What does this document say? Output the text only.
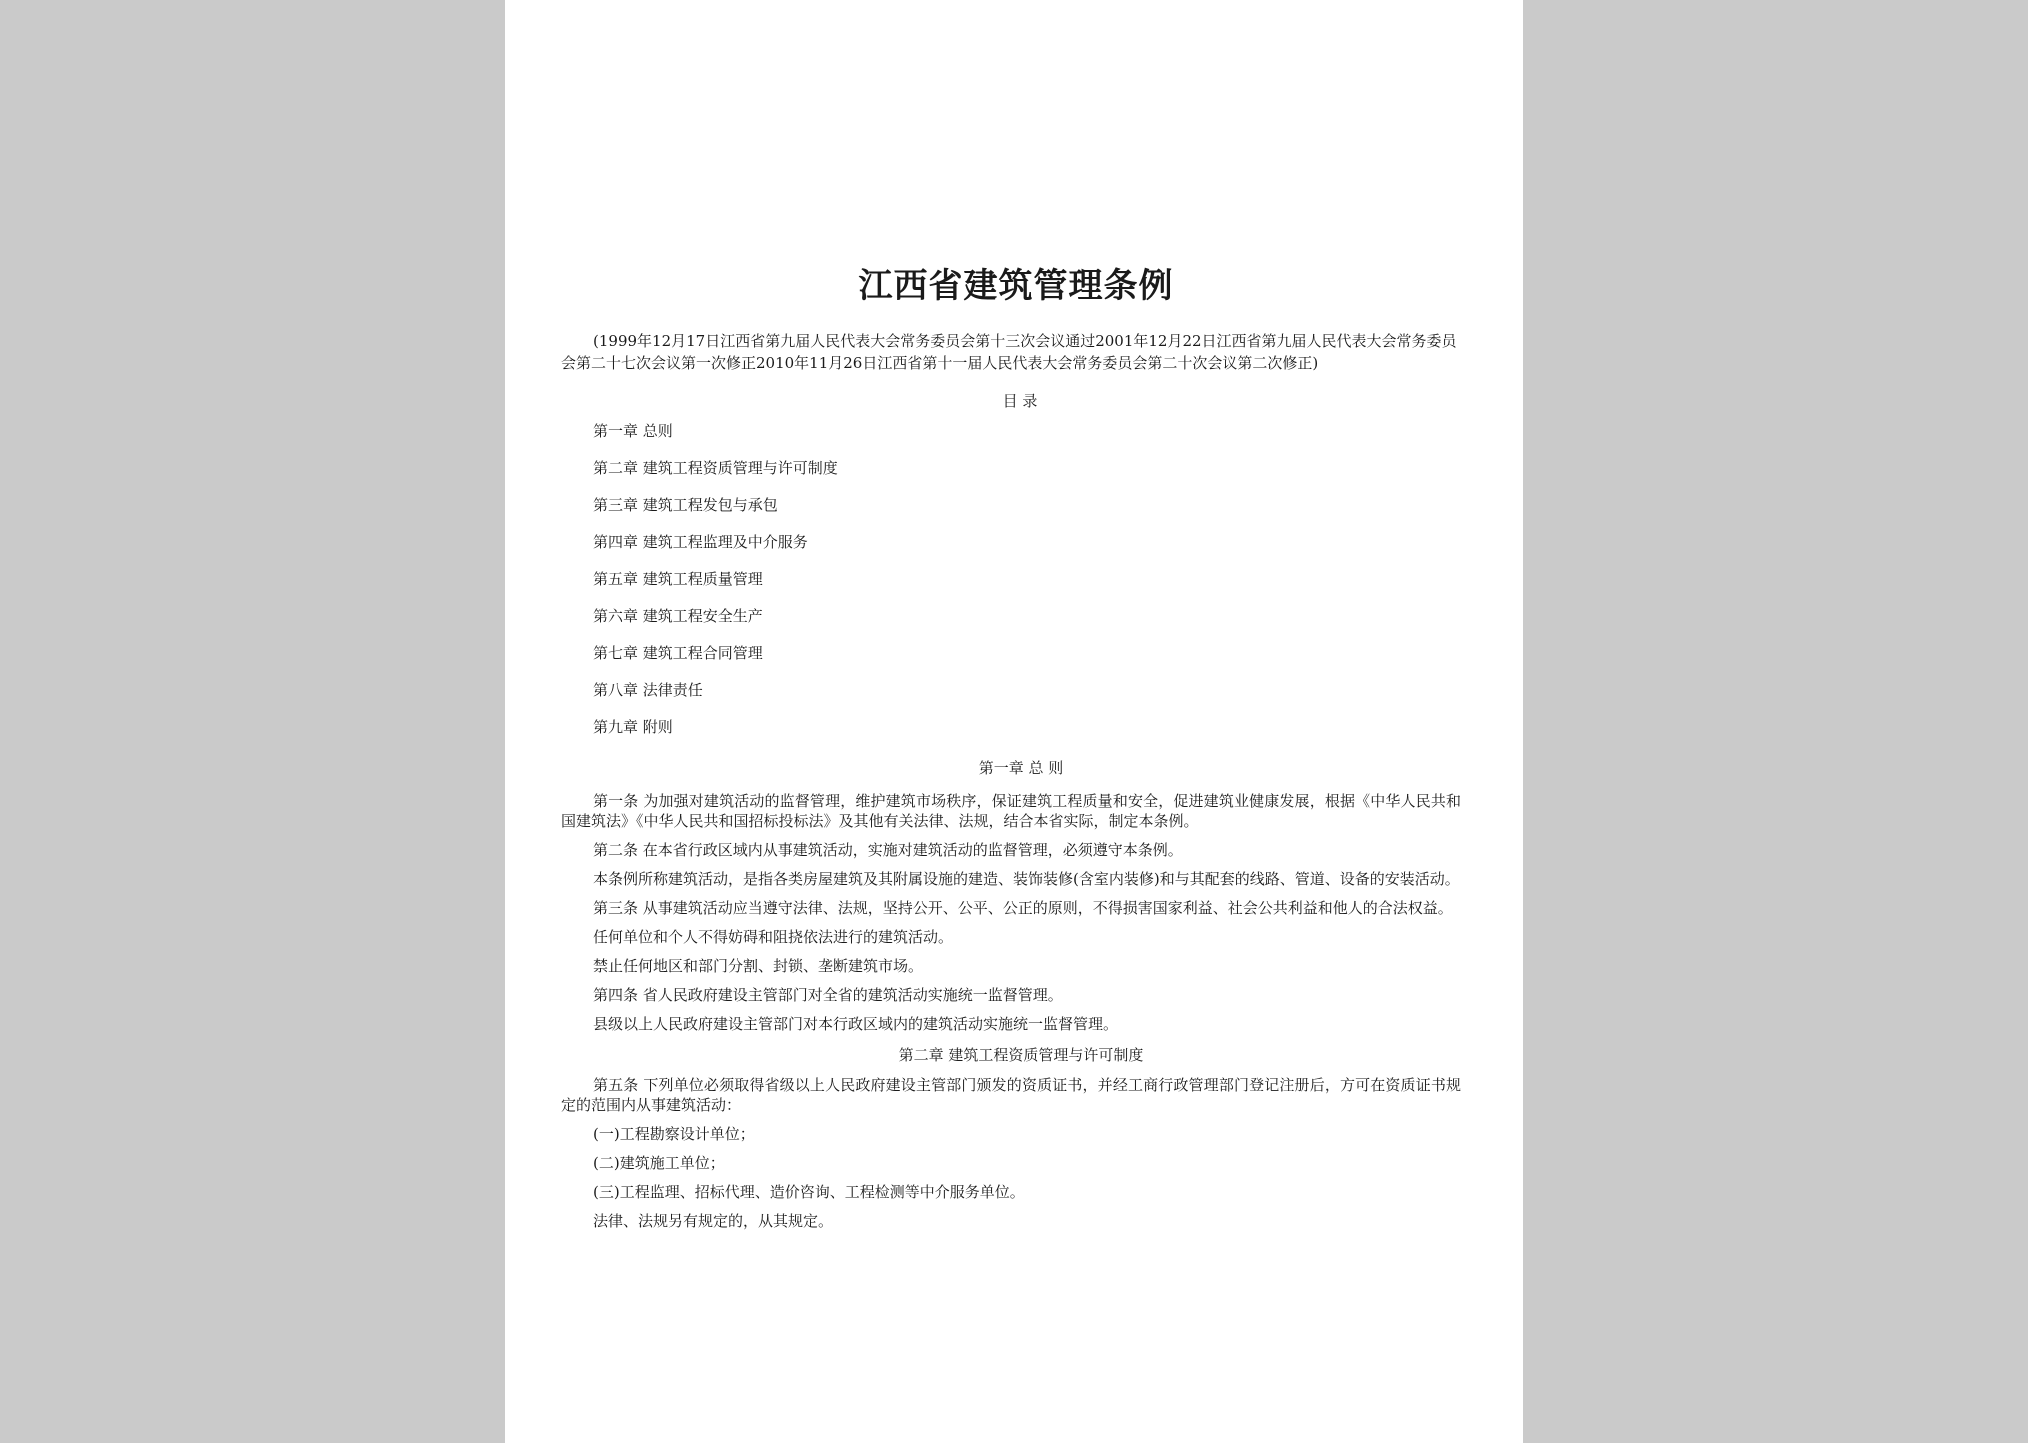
江西省建筑管理条例

(1999年12月17日江西省第九届人民代表大会常务委员会第十三次会议通过2001年12月22日江西省第九届人民代表大会常务委员会第二十七次会议第一次修正2010年11月26日江西省第十一届人民代表大会常务委员会第二十次会议第二次修正)

目 录

第一章 总则
第二章 建筑工程资质管理与许可制度
第三章 建筑工程发包与承包
第四章 建筑工程监理及中介服务
第五章 建筑工程质量管理
第六章 建筑工程安全生产
第七章 建筑工程合同管理
第八章 法律责任
第九章 附则

第一章 总 则

第一条 为加强对建筑活动的监督管理，维护建筑市场秩序，保证建筑工程质量和安全，促进建筑业健康发展，根据《中华人民共和国建筑法》《中华人民共和国招标投标法》及其他有关法律、法规，结合本省实际，制定本条例。

第二条 在本省行政区域内从事建筑活动，实施对建筑活动的监督管理，必须遵守本条例。

本条例所称建筑活动，是指各类房屋建筑及其附属设施的建造、装饰装修(含室内装修)和与其配套的线路、管道、设备的安装活动。

第三条 从事建筑活动应当遵守法律、法规，坚持公开、公平、公正的原则，不得损害国家利益、社会公共利益和他人的合法权益。

任何单位和个人不得妨碍和阻挠依法进行的建筑活动。

禁止任何地区和部门分割、封锁、垄断建筑市场。

第四条 省人民政府建设主管部门对全省的建筑活动实施统一监督管理。

县级以上人民政府建设主管部门对本行政区域内的建筑活动实施统一监督管理。

第二章 建筑工程资质管理与许可制度

第五条 下列单位必须取得省级以上人民政府建设主管部门颁发的资质证书，并经工商行政管理部门登记注册后，方可在资质证书规定的范围内从事建筑活动：

(一)工程勘察设计单位；

(二)建筑施工单位；

(三)工程监理、招标代理、造价咨询、工程检测等中介服务单位。

法律、法规另有规定的，从其规定。
